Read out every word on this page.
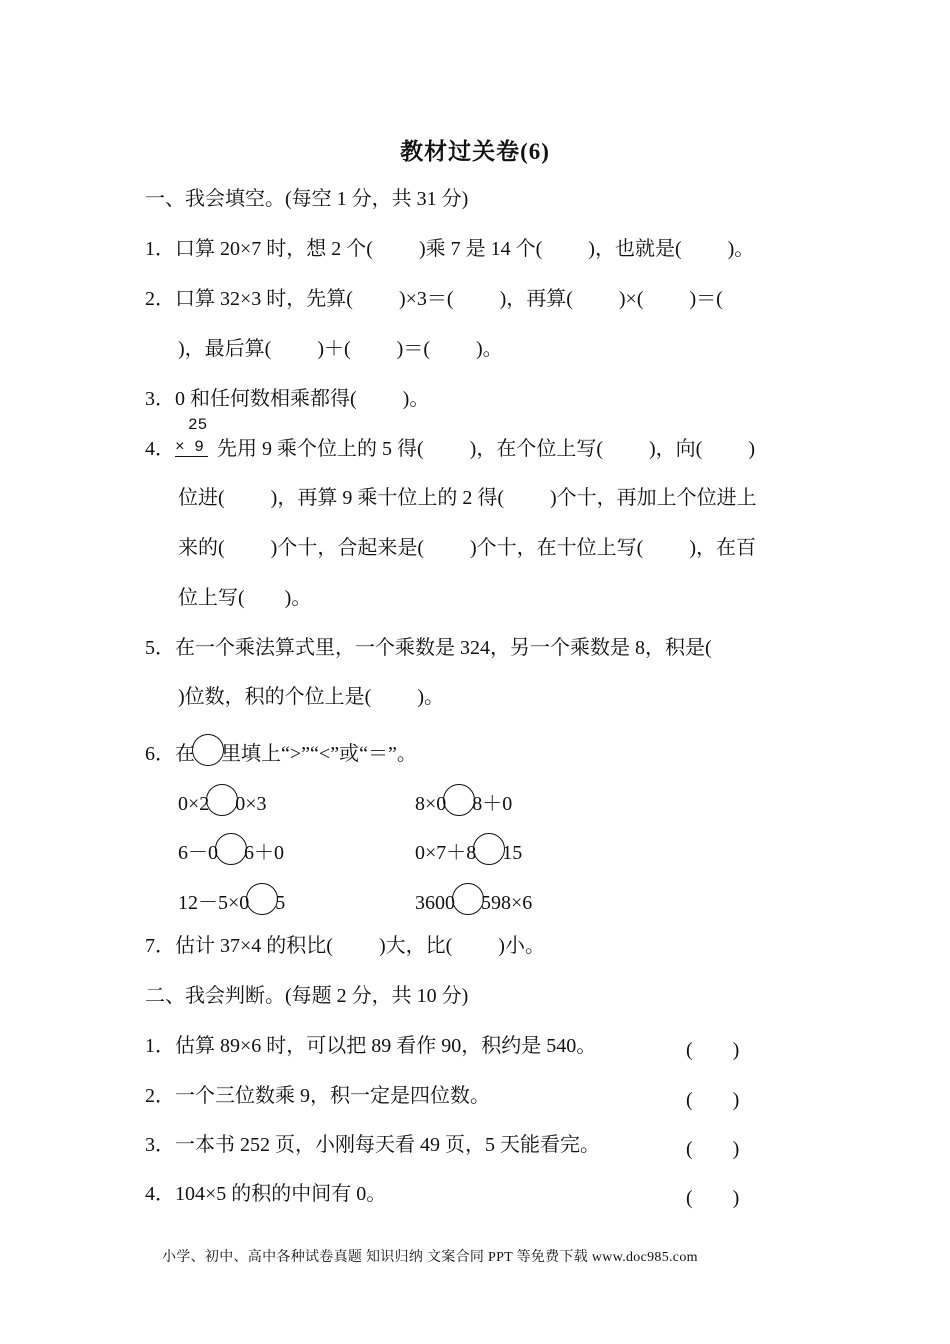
教材过关卷(6)
一、我会填空。(每空 1 分，共 31 分)
1．口算 20×7 时，想 2 个( )乘 7 是 14 个( )，也就是( )。
2．口算 32×3 时，先算( )×3＝( )，再算( )×( )＝(
)，最后算( )＋( )＝( )。
3．0 和任何数相乘都得( )。
4．
25
× 9 先用 9 乘个位上的 5 得( )，在个位上写( )，向( )
位进( )，再算 9 乘十位上的 2 得( )个十，再加上个位进上
来的( )个十，合起来是( )个十，在十位上写( )，在百
位上写( )。
5．在一个乘法算式里，一个乘数是 324，另一个乘数是 8，积是(
)位数，积的个位上是( )。
6．在 里填上“>”“<”或“＝”。
0×2 0×3	8×0 8＋0
6－0 6＋0	0×7＋8 15
12－5×0 5	3600 598×6
7．估计 37×4 的积比( )大，比( )小。
二、我会判断。(每题 2 分，共 10 分)
1．估算 89×6 时，可以把 89 看作 90，积约是 540。	(　　)
2．一个三位数乘 9，积一定是四位数。	(　　)
3．一本书 252 页，小刚每天看 49 页，5 天能看完。	(　　)
4．104×5 的积的中间有 0。	(　　)
小学、初中、高中各种试卷真题 知识归纳 文案合同 PPT 等免费下载 www.doc985.com
